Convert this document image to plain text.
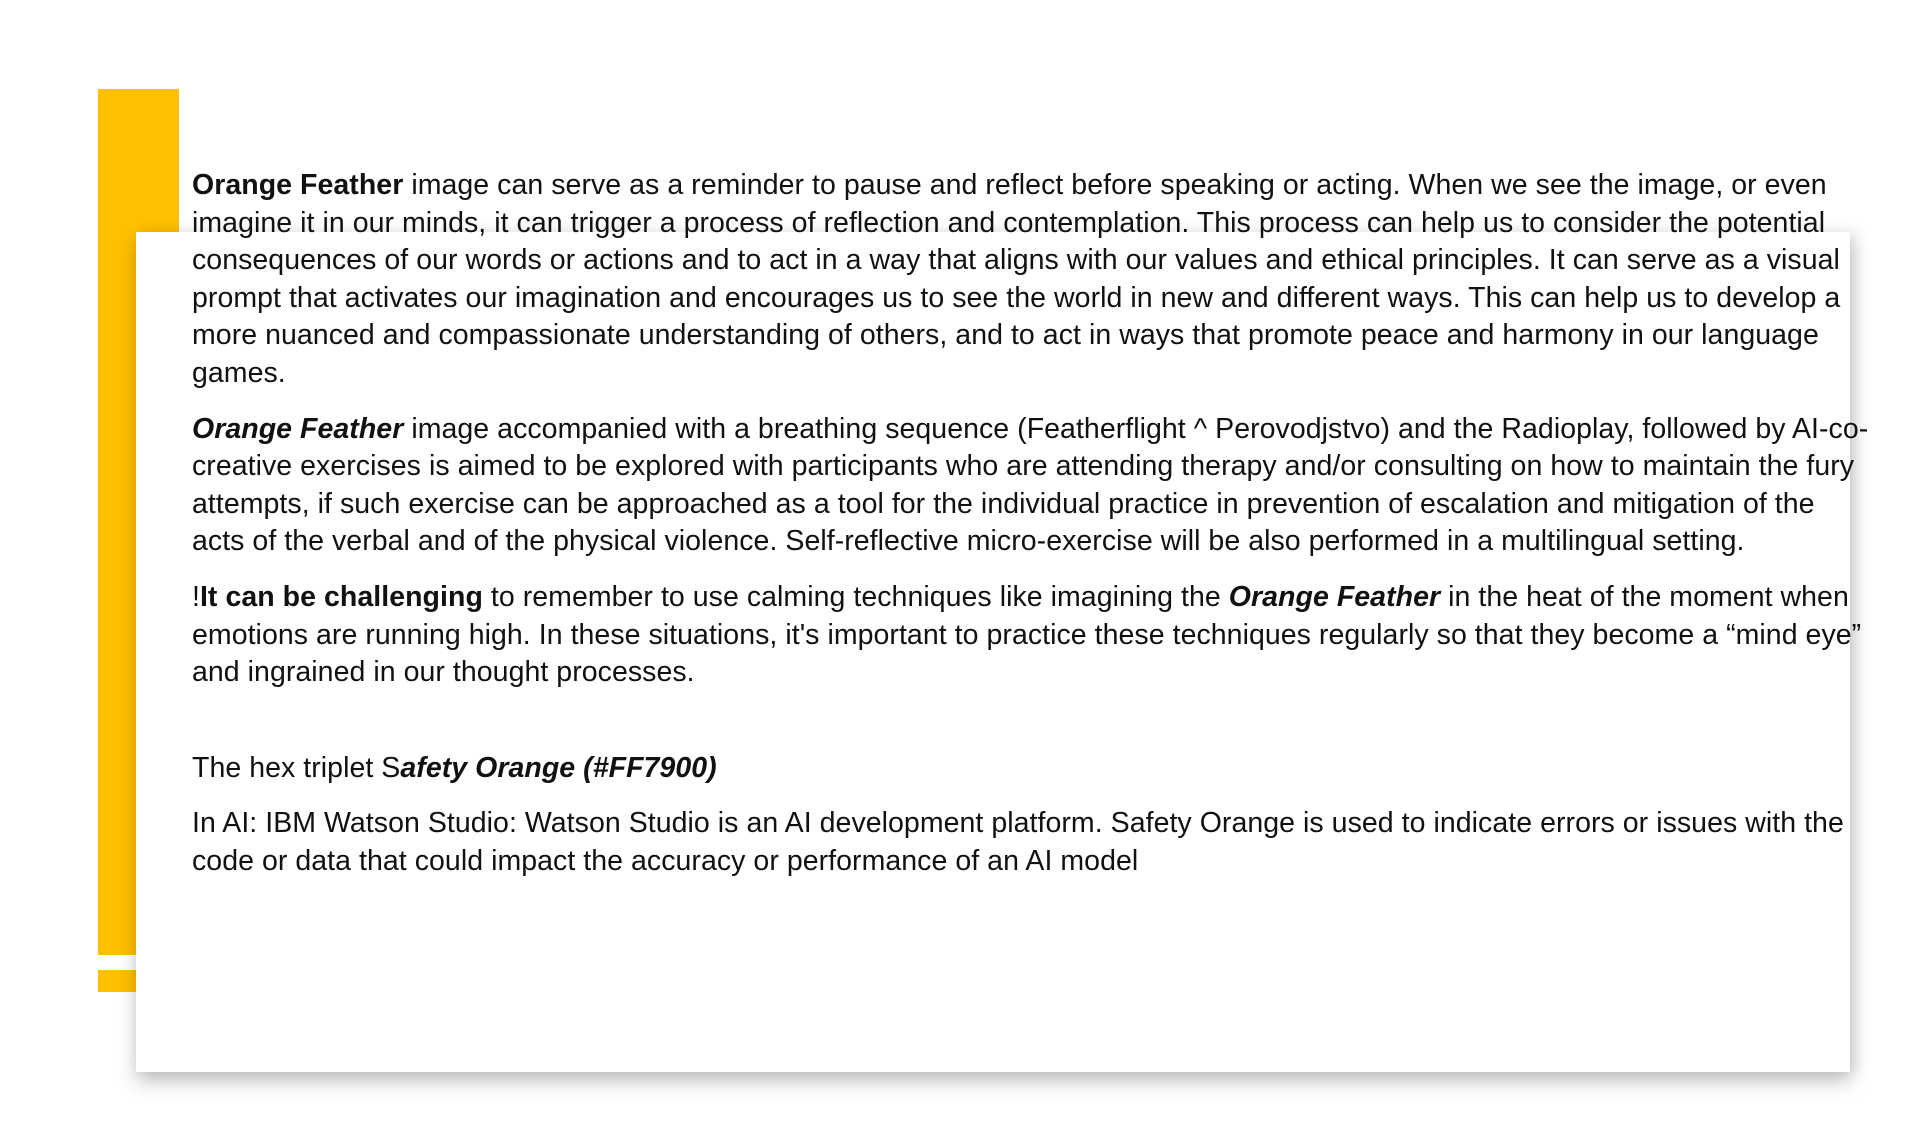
Orange Feather image can serve as a reminder to pause and reflect before speaking or acting. When we see the image, or even imagine it in our minds, it can trigger a process of reflection and contemplation. This process can help us to consider the potential consequences of our words or actions and to act in a way that aligns with our values and ethical principles. It can serve as a visual prompt that activates our imagination and encourages us to see the world in new and different ways. This can help us to develop a more nuanced and compassionate understanding of others, and to act in ways that promote peace and harmony in our language games.

Orange Feather image accompanied with a breathing sequence (Featherflight ^ Perovodjstvo) and the Radioplay, followed by AI-co-creative exercises is aimed to be explored with participants who are attending therapy and/or consulting on how to maintain the fury attempts, if such exercise can be approached as a tool for the individual practice in prevention of escalation and mitigation of the acts of the verbal and of the physical violence. Self-reflective micro-exercise will be also performed in a multilingual setting.

!It can be challenging to remember to use calming techniques like imagining the Orange Feather in the heat of the moment when emotions are running high. In these situations, it's important to practice these techniques regularly so that they become a “mind eye” and ingrained in our thought processes.

The hex triplet Safety Orange (#FF7900)

In AI: IBM Watson Studio: Watson Studio is an AI development platform. Safety Orange is used to indicate errors or issues with the code or data that could impact the accuracy or performance of an AI model
